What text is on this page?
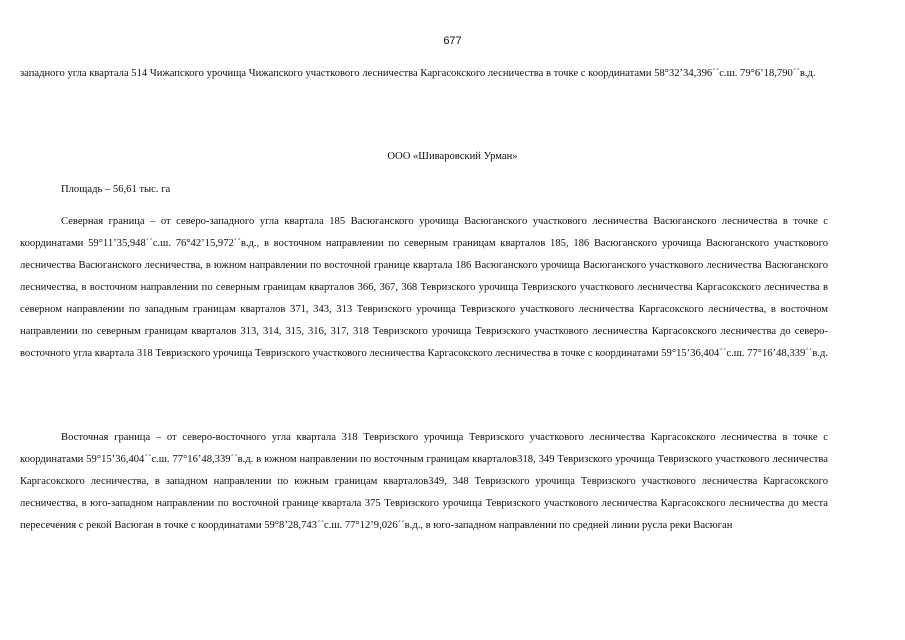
677

западного угла квартала 514 Чижапского урочища Чижапского участкового лесничества Каргасокского лесничества в точке с координатами 58°32’34,396´´с.ш. 79°6’18,790´´в.д.

ООО «Шиваровский Урман»
Площадь – 56,61 тыс. га

Северная граница – от северо-западного угла квартала 185 Васюганского урочища Васюганского участкового лесничества Васюганского лесничества в точке с координатами 59°11’35,948´´с.ш. 76°42’15,972´´в.д., в восточном направлении по северным границам кварталов 185, 186 Васюганского урочища Васюганского участкового лесничества Васюганского лесничества, в южном направлении по восточной границе квартала 186 Васюганского урочища Васюганского участкового лесничества Васюганского лесничества, в восточном направлении по северным границам кварталов 366, 367, 368 Тевризского урочища Тевризского участкового лесничества Каргасокского лесничества в северном направлении по западным границам кварталов 371, 343, 313 Тевризского урочища Тевризского участкового лесничества Каргасокского лесничества, в восточном направлении по северным границам кварталов 313, 314, 315, 316, 317, 318 Тевризского урочища Тевризского участкового лесничества Каргасокского лесничества до северо-восточного угла квартала 318 Тевризского урочища Тевризского участкового лесничества Каргасокского лесничества в точке с координатами 59°15’36,404´´с.ш. 77°16’48,339´´в.д.

Восточная граница – от северо-восточного угла квартала 318 Тевризского урочища Тевризского участкового лесничества Каргасокского лесничества в точке с координатами 59°15’36,404´´с.ш. 77°16’48,339´´в.д. в южном направлении по восточным границам кварталов318, 349 Тевризского урочища Тевризского участкового лесничества Каргасокского лесничества, в западном направлении по южным границам кварталов349, 348 Тевризского урочища Тевризского участкового лесничества Каргасокского лесничества, в юго-западном направлении по восточной границе квартала 375 Тевризского урочища Тевризского участкового лесничества Каргасокского лесничества до места пересечения с рекой Васюган в точке с координатами 59°8’28,743´´с.ш. 77°12’9,026´´в.д., в юго-западном направлении по средней линии русла реки Васюган
